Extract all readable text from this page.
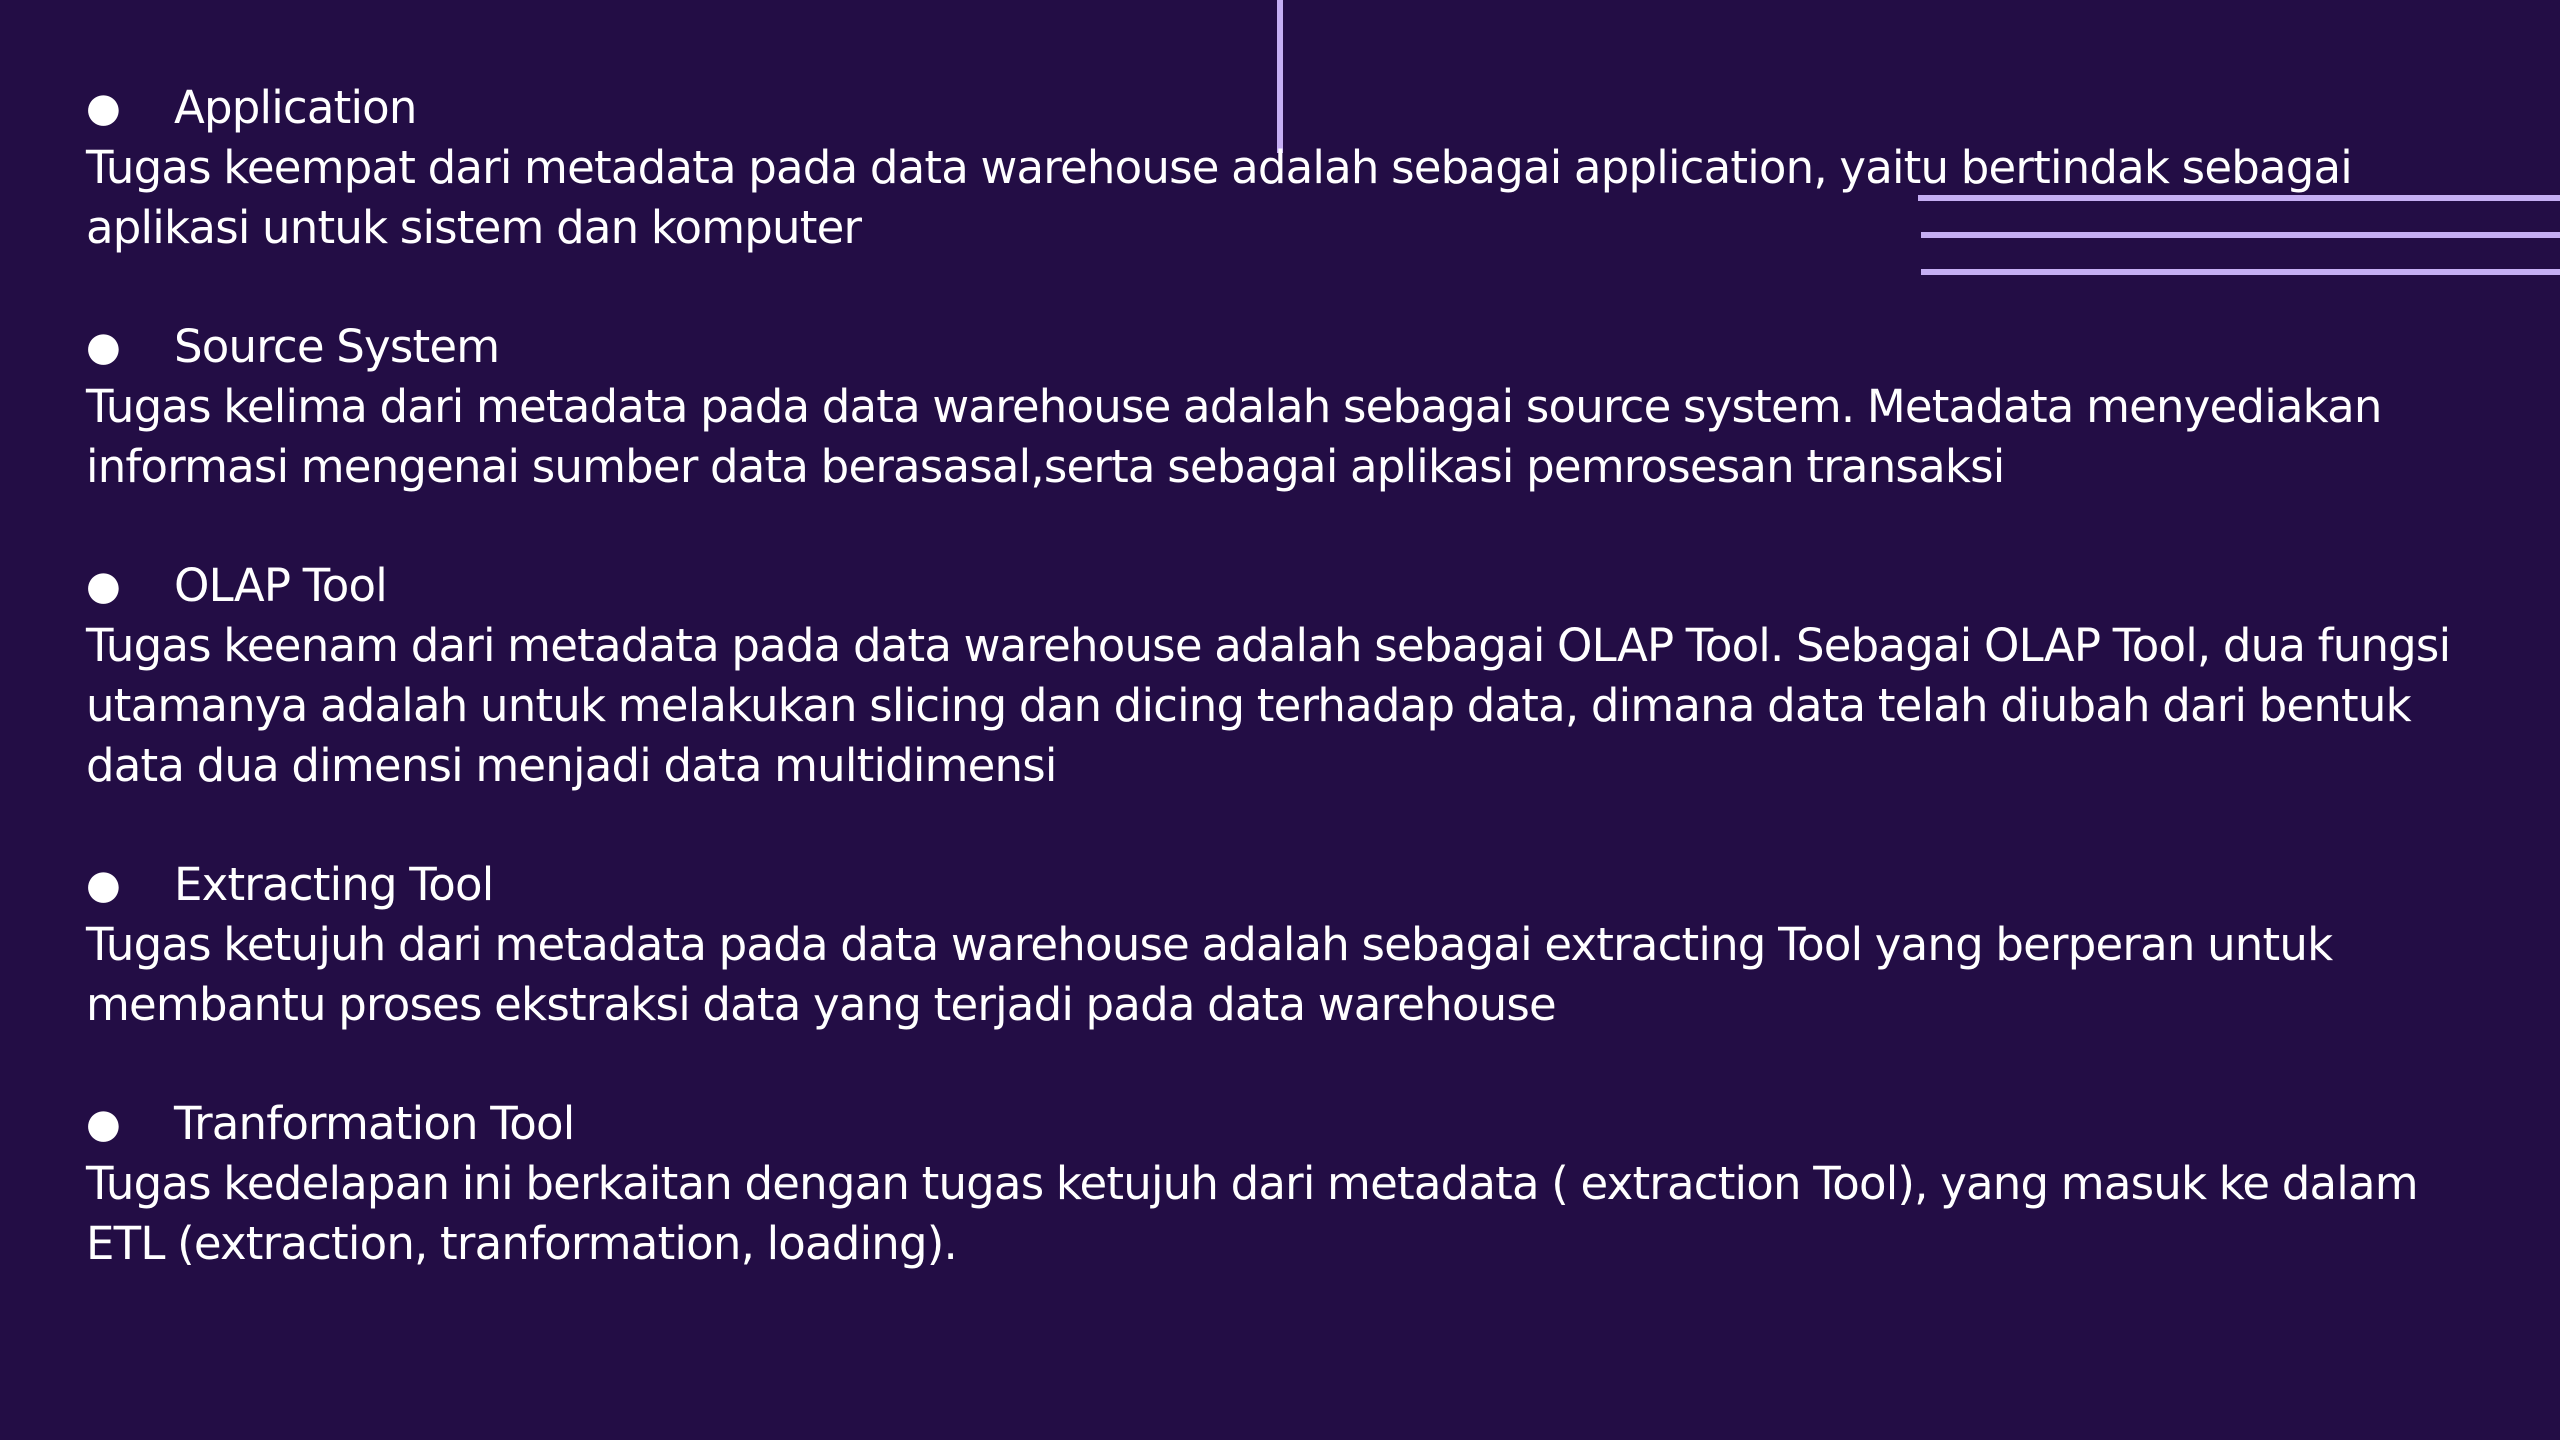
●	Application

Tugas keempat dari metadata pada data warehouse adalah sebagai application, yaitu bertindak sebagai aplikasi untuk sistem dan komputer

●	Source System

Tugas kelima dari metadata pada data warehouse adalah sebagai source system. Metadata menyediakan informasi mengenai sumber data berasasal,serta sebagai aplikasi pemrosesan transaksi

●	OLAP Tool

Tugas keenam dari metadata pada data warehouse adalah sebagai OLAP Tool. Sebagai OLAP Tool, dua fungsi utamanya adalah untuk melakukan slicing dan dicing terhadap data, dimana data telah diubah dari bentuk data dua dimensi menjadi data multidimensi

●	Extracting Tool

Tugas ketujuh dari metadata pada data warehouse adalah sebagai extracting Tool yang berperan untuk membantu proses ekstraksi data yang terjadi pada data warehouse

●	Tranformation Tool

Tugas kedelapan ini berkaitan dengan tugas ketujuh dari metadata ( extraction Tool), yang masuk ke dalam ETL (extraction, tranformation, loading).
